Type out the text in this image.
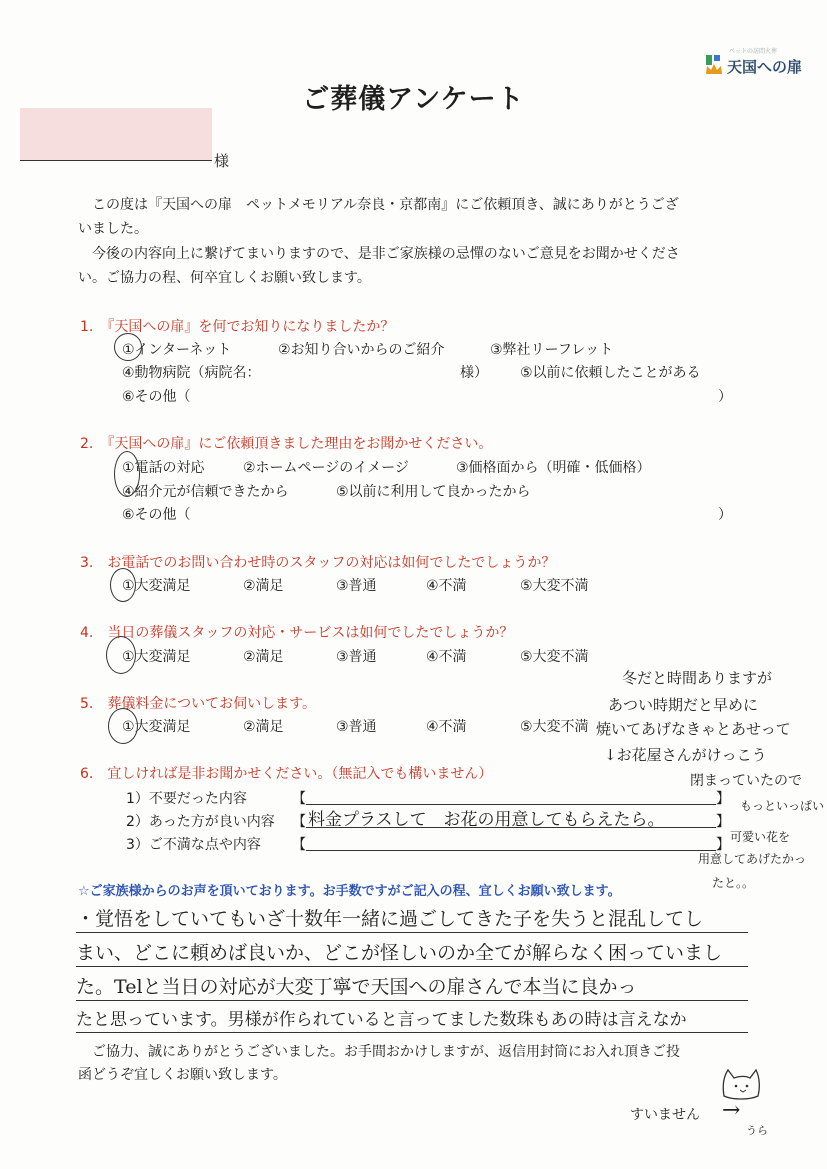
ペットの訪問火葬
天国への扉
ご葬儀アンケート
様
この度は『天国への扉　ペットメモリアル奈良・京都南』にご依頼頂き、誠にありがとうござ
いました。
今後の内容向上に繋げてまいりますので、是非ご家族様の忌憚のないご意見をお聞かせくださ
い。ご協力の程、何卒宜しくお願い致します。
1.　『天国への扉』を何でお知りになりましたか？
①インターネット	②お知り合いからのご紹介	③弊社リーフレット
④動物病院（病院名：	様） ⑤以前に依頼したことがある
⑥その他（	）
2.　『天国への扉』にご依頼頂きました理由をお聞かせください。
①電話の対応	②ホームページのイメージ	③価格面から（明確・低価格）
④紹介元が信頼できたから	⑤以前に利用して良かったから
⑥その他（	）
3.　お電話でのお問い合わせ時のスタッフの対応は如何でしたでしょうか？
①大変満足	②満足	③普通	④不満	⑤大変不満
4.　当日の葬儀スタッフの対応・サービスは如何でしたでしょうか？
①大変満足	②満足	③普通	④不満	⑤大変不満
5.　葬儀料金についてお伺いします。
①大変満足	②満足	③普通	④不満	⑤大変不満
6.　宜しければ是非お聞かせください。（無記入でも構いません）
1）不要だった内容	【	】
2）あった方が良い内容 【 料金プラスして　お花の用意してもらえたら。	】
3）ご不満な点や内容 【	】
冬だと時間ありますが
あつい時期だと早めに
焼いてあげなきゃとあせって
↓お花屋さんがけっこう
閉まっていたので
もっといっぱい
可愛い花を
用意してあげたかっ
たと。。
☆ご家族様からのお声を頂いております。お手数ですがご記入の程、宜しくお願い致します。
・覚悟をしていてもいざ十数年一緒に過ごしてきた子を失うと混乱してし
まい、どこに頼めば良いか、どこが怪しいのか全てが解らなく困っていまし
た。Telと当日の対応が大変丁寧で天国への扉さんで本当に良かっ
たと思っています。男様が作られていると言ってました数珠もあの時は言えなか
ご協力、誠にありがとうございました。お手間おかけしますが、返信用封筒にお入れ頂きご投
函どうぞ宜しくお願い致します。
すいません →
うら
